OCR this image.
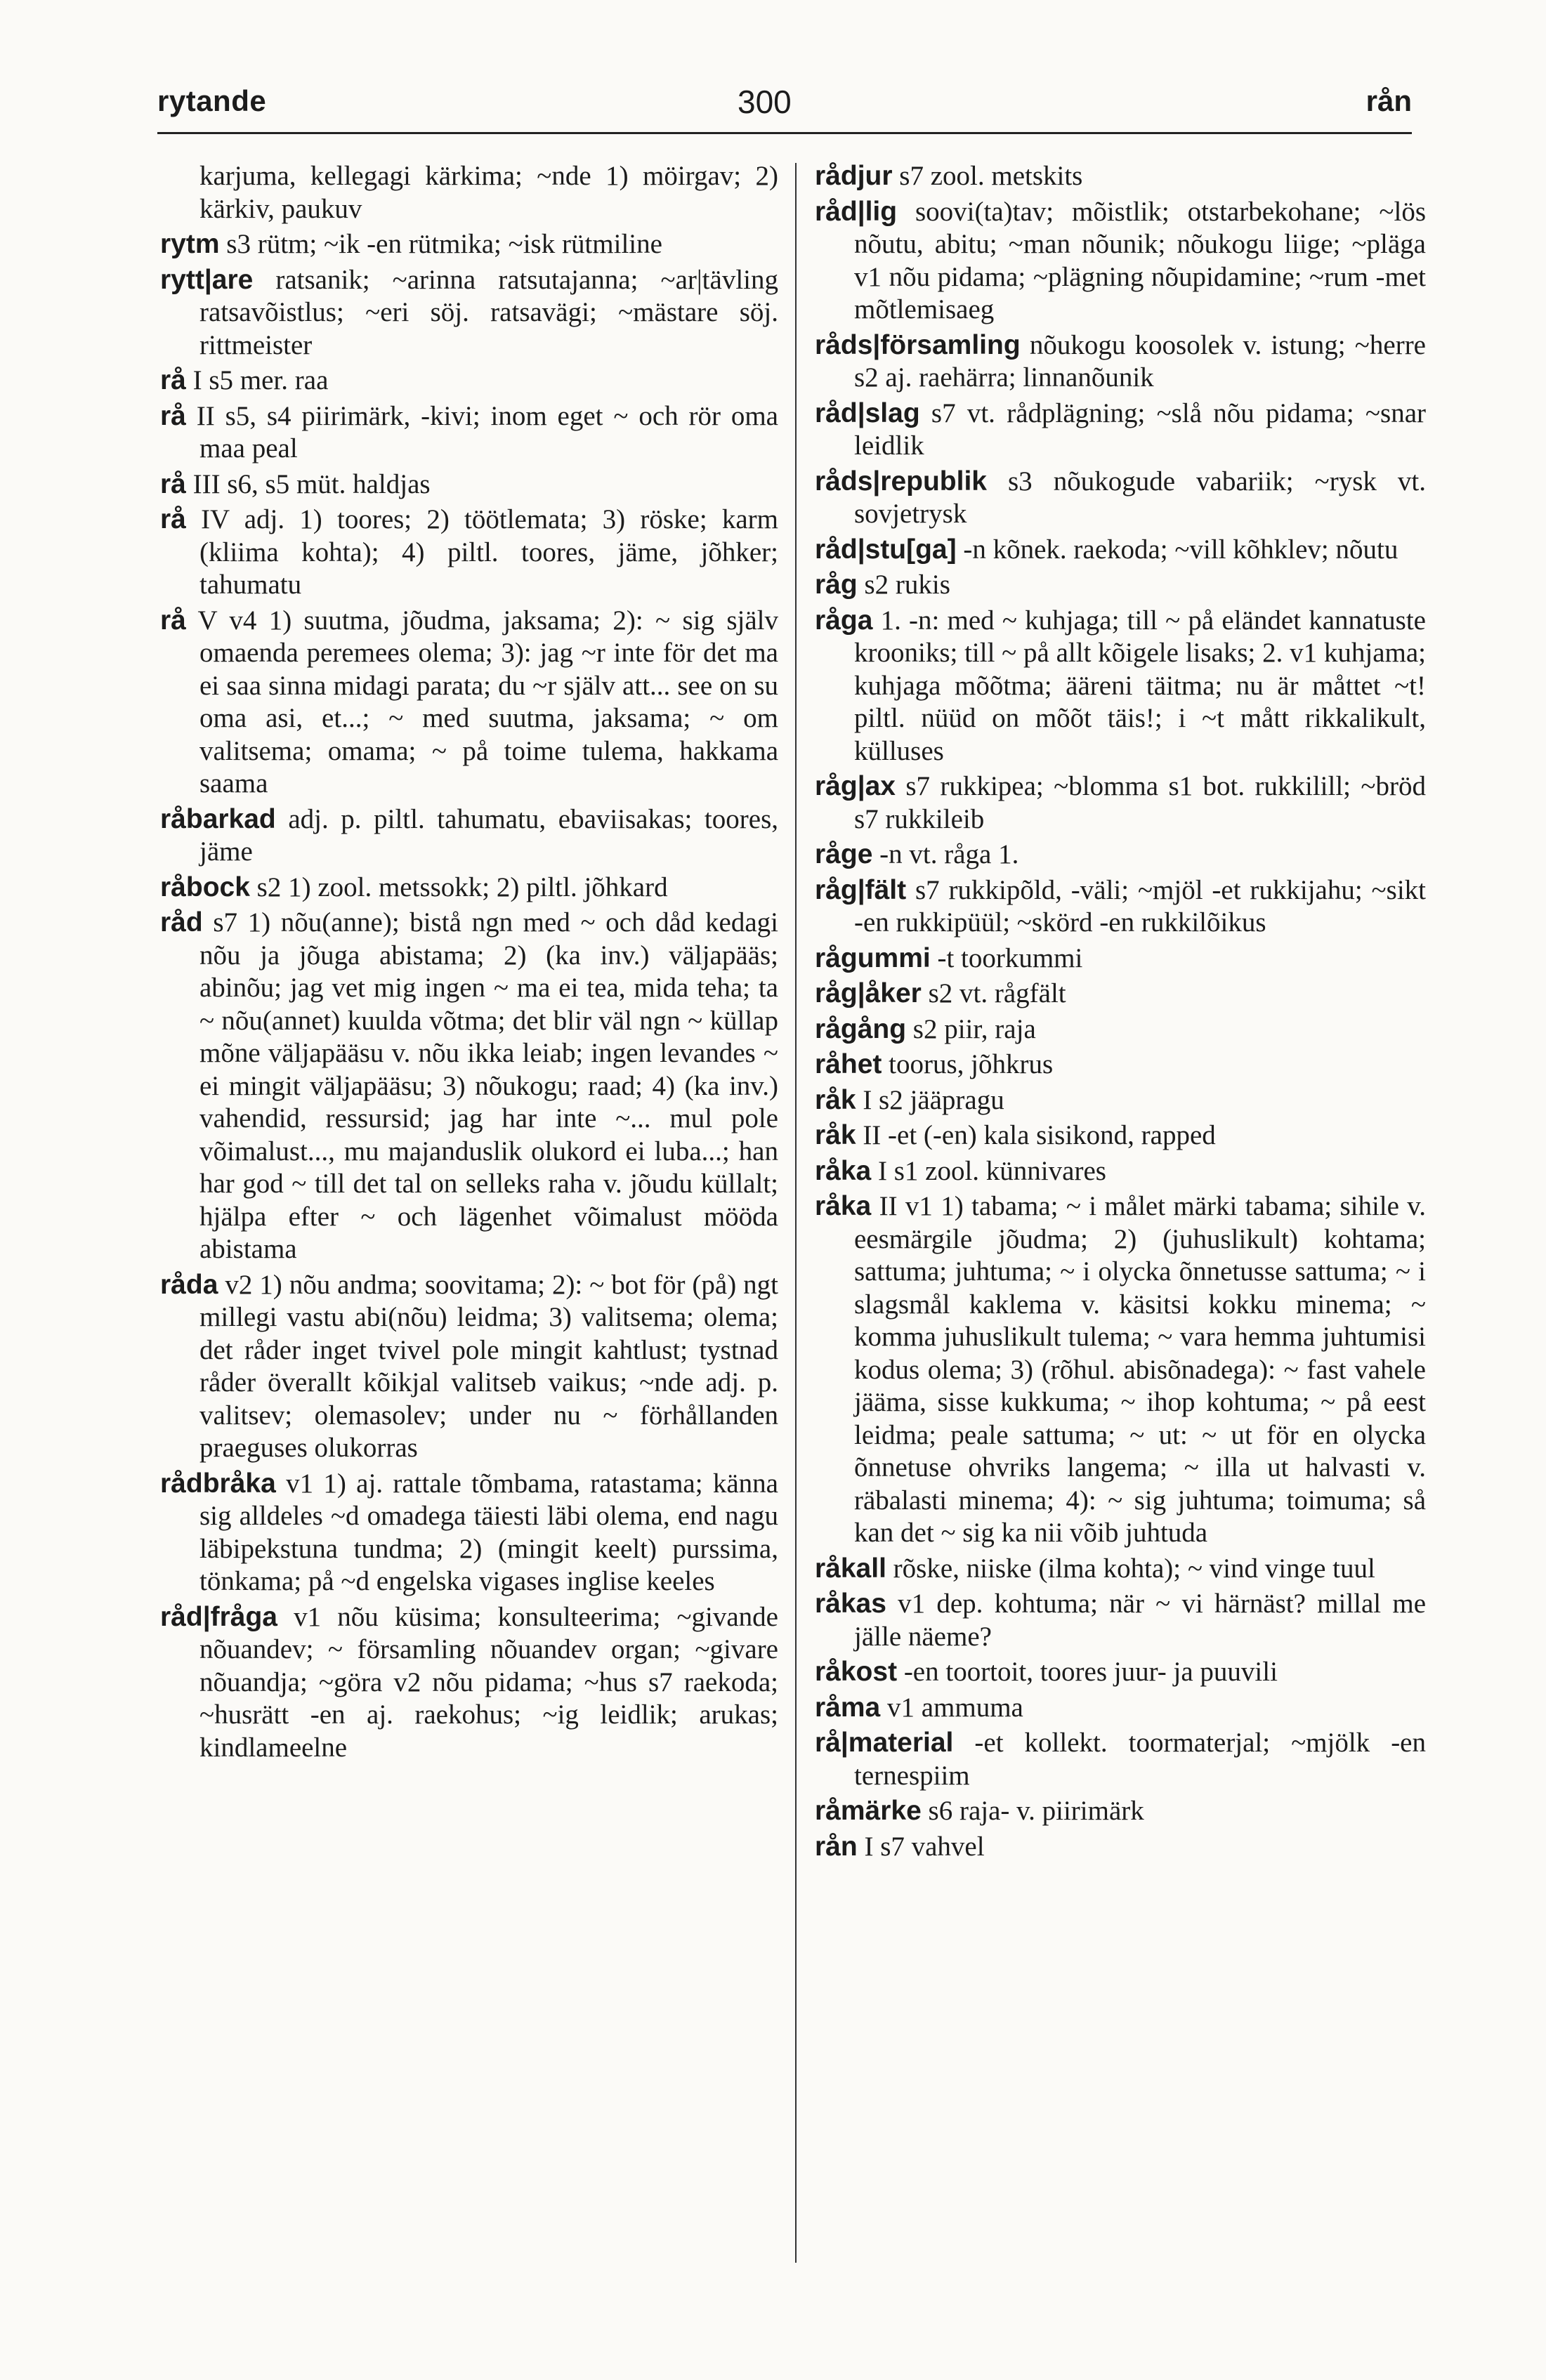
rytande	300	rån

karjuma, kellegagi kärkima; ~nde 1) möirgav; 2) kärkiv, paukuv

rytm s3 rütm; ~ik -en rütmika; ~isk rütmiline

rytt|are ratsanik; ~arinna ratsutajanna; ~ar|tävling ratsavõistlus; ~eri söj. ratsavägi; ~mästare söj. rittmeister

rå I s5 mer. raa

rå II s5, s4 piirimärk, -kivi; inom eget ~ och rör oma maa peal

rå III s6, s5 müt. haldjas

rå IV adj. 1) toores; 2) töötlemata; 3) röske; karm (kliima kohta); 4) piltl. toores, jäme, jõhker; tahumatu

rå V v4 1) suutma, jõudma, jaksama; 2): ~ sig själv omaenda peremees olema; 3): jag ~r inte för det ma ei saa sinna midagi parata; du ~r själv att... see on su oma asi, et...; ~ med suutma, jaksama; ~ om valitsema; omama; ~ på toime tulema, hakkama saama

råbarkad adj. p. piltl. tahumatu, ebaviisakas; toores, jäme

råbock s2 1) zool. metssokk; 2) piltl. jõhkard

råd s7 1) nõu(anne); bistå ngn med ~ och dåd kedagi nõu ja jõuga abistama; 2) (ka inv.) väljapääs; abinõu; jag vet mig ingen ~ ma ei tea, mida teha; ta ~ nõu(annet) kuulda võtma; det blir väl ngn ~ küllap mõne väljapääsu v. nõu ikka leiab; ingen levandes ~ ei mingit väljapääsu; 3) nõukogu; raad; 4) (ka inv.) vahendid, ressursid; jag har inte ~... mul pole võimalust..., mu majanduslik olukord ei luba...; han har god ~ till det tal on selleks raha v. jõudu küllalt; hjälpa efter ~ och lägenhet võimalust mööda abistama

råda v2 1) nõu andma; soovitama; 2): ~ bot för (på) ngt millegi vastu abi(nõu) leidma; 3) valitsema; olema; det råder inget tvivel pole mingit kahtlust; tystnad råder överallt kõikjal valitseb vaikus; ~nde adj. p. valitsev; olemasolev; under nu ~ förhållanden praeguses olukorras

rådbråka v1 1) aj. rattale tõmbama, ratastama; känna sig alldeles ~d omadega täiesti läbi olema, end nagu läbipekstuna tundma; 2) (mingit keelt) purssima, tönkama; på ~d engelska vigases inglise keeles

råd|fråga v1 nõu küsima; konsulteerima; ~givande nõuandev; ~ församling nõuandev organ; ~givare nõuandja; ~göra v2 nõu pidama; ~hus s7 raekoda; ~husrätt -en aj. raekohus; ~ig leidlik; arukas; kindlameelne

rådjur s7 zool. metskits

råd|lig soovi(ta)tav; mõistlik; otstarbekohane; ~lös nõutu, abitu; ~man nõunik; nõukogu liige; ~pläga v1 nõu pidama; ~plägning nõupidamine; ~rum -met mõtlemisaeg

råds|församling nõukogu koosolek v. istung; ~herre s2 aj. raehärra; linnanõunik

råd|slag s7 vt. rådplägning; ~slå nõu pidama; ~snar leidlik

råds|republik s3 nõukogude vabariik; ~rysk vt. sovjetrysk

råd|stu[ga] -n kõnek. raekoda; ~vill kõhklev; nõutu

råg s2 rukis

råga 1. -n: med ~ kuhjaga; till ~ på eländet kannatuste krooniks; till ~ på allt kõigele lisaks; 2. v1 kuhjama; kuhjaga mõõtma; ääreni täitma; nu är måttet ~t! piltl. nüüd on mõõt täis!; i ~t mått rikkalikult, külluses

råg|ax s7 rukkipea; ~blomma s1 bot. rukkilill; ~bröd s7 rukkileib

råge -n vt. råga 1.

råg|fält s7 rukkipõld, -väli; ~mjöl -et rukkijahu; ~sikt -en rukkipüül; ~skörd -en rukkilõikus

rågummi -t toorkummi

råg|åker s2 vt. rågfält

rågång s2 piir, raja

råhet toorus, jõhkrus

råk I s2 jääpragu

råk II -et (-en) kala sisikond, rapped

råka I s1 zool. künnivares

råka II v1 1) tabama; ~ i målet märki tabama; sihile v. eesmärgile jõudma; 2) (juhuslikult) kohtama; sattuma; juhtuma; ~ i olycka õnnetusse sattuma; ~ i slagsmål kaklema v. käsitsi kokku minema; ~ komma juhuslikult tulema; ~ vara hemma juhtumisi kodus olema; 3) (rõhul. abisõnadega): ~ fast vahele jääma, sisse kukkuma; ~ ihop kohtuma; ~ på eest leidma; peale sattuma; ~ ut: ~ ut för en olycka õnnetuse ohvriks langema; ~ illa ut halvasti v. räbalasti minema; 4): ~ sig juhtuma; toimuma; så kan det ~ sig ka nii võib juhtuda

råkall rõske, niiske (ilma kohta); ~ vind vinge tuul

råkas v1 dep. kohtuma; när ~ vi härnäst? millal me jälle näeme?

råkost -en toortoit, toores juur- ja puuvili

råma v1 ammuma

rå|material -et kollekt. toormaterjal; ~mjölk -en ternespiim

råmärke s6 raja- v. piirimärk

rån I s7 vahvel
